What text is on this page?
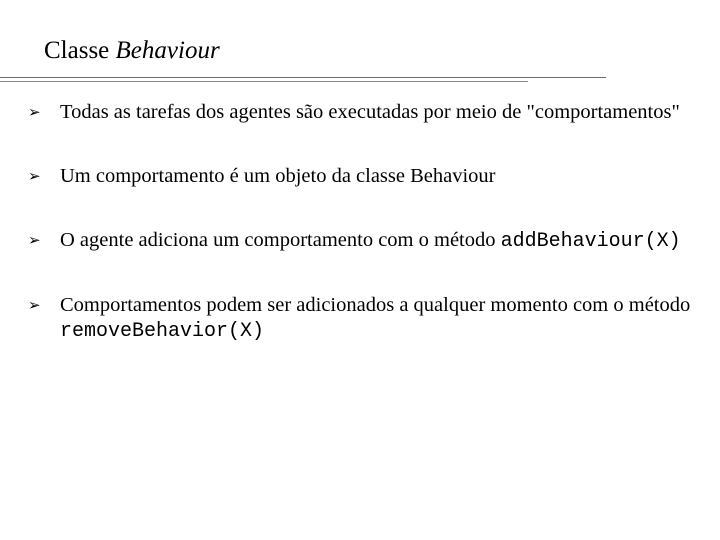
Classe Behaviour
➢ Todas as tarefas dos agentes são executadas por meio de "comportamentos"
➢ Um comportamento é um objeto da classe Behaviour
➢ O agente adiciona um comportamento com o método addBehaviour(X)
➢ Comportamentos podem ser adicionados a qualquer momento com o método removeBehavior(X)
